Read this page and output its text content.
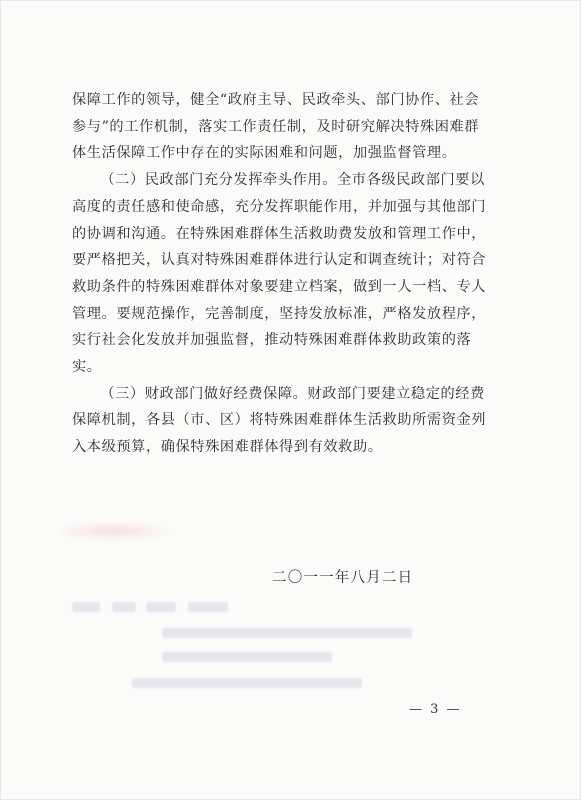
保障工作的领导，健全“政府主导、民政牵头、部门协作、社会
参与”的工作机制，落实工作责任制，及时研究解决特殊困难群
体生活保障工作中存在的实际困难和问题，加强监督管理。
（二）民政部门充分发挥牵头作用。全市各级民政部门要以
高度的责任感和使命感，充分发挥职能作用，并加强与其他部门
的协调和沟通。在特殊困难群体生活救助费发放和管理工作中，
要严格把关，认真对特殊困难群体进行认定和调查统计；对符合
救助条件的特殊困难群体对象要建立档案，做到一人一档、专人
管理。要规范操作，完善制度，坚持发放标准，严格发放程序，
实行社会化发放并加强监督，推动特殊困难群体救助政策的落
实。
（三）财政部门做好经费保障。财政部门要建立稳定的经费
保障机制，各县（市、区）将特殊困难群体生活救助所需资金列
入本级预算，确保特殊困难群体得到有效救助。
二〇一一年八月二日
— 3 —
